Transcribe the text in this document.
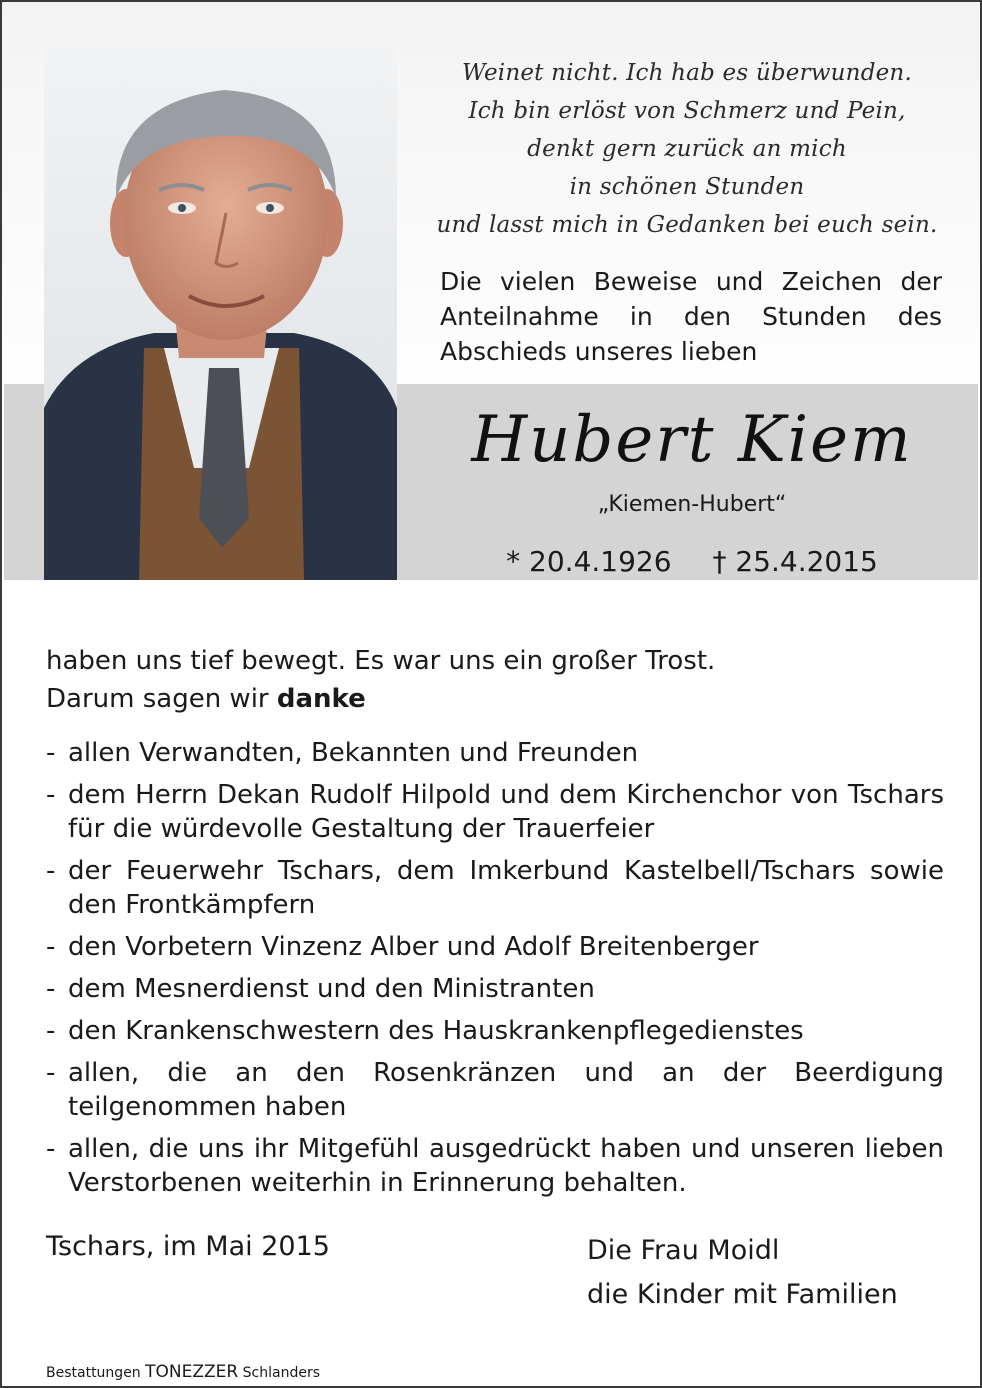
Weinet nicht. Ich hab es überwunden.
Ich bin erlöst von Schmerz und Pein,
denkt gern zurück an mich
in schönen Stunden
und lasst mich in Gedanken bei euch sein.
Die vielen Beweise und Zeichen der
Anteilnahme in den Stunden des
Abschieds unseres lieben
Hubert Kiem
„Kiemen-Hubert“
* 20.4.1926 † 25.4.2015
haben uns tief bewegt. Es war uns ein großer Trost.
Darum sagen wir danke
- allen Verwandten, Bekannten und Freunden
- dem Herrn Dekan Rudolf Hilpold und dem Kirchenchor von Tschars für die würdevolle Gestaltung der Trauerfeier
- der Feuerwehr Tschars, dem Imkerbund Kastelbell/Tschars sowie den Frontkämpfern
- den Vorbetern Vinzenz Alber und Adolf Breitenberger
- dem Mesnerdienst und den Ministranten
- den Krankenschwestern des Hauskrankenpflegedienstes
- allen, die an den Rosenkränzen und an der Beerdigung teilgenommen haben
- allen, die uns ihr Mitgefühl ausgedrückt haben und unseren lieben Verstorbenen weiterhin in Erinnerung behalten.
Tschars, im Mai 2015	Die Frau Moidl
die Kinder mit Familien
Bestattungen TONEZZER Schlanders
